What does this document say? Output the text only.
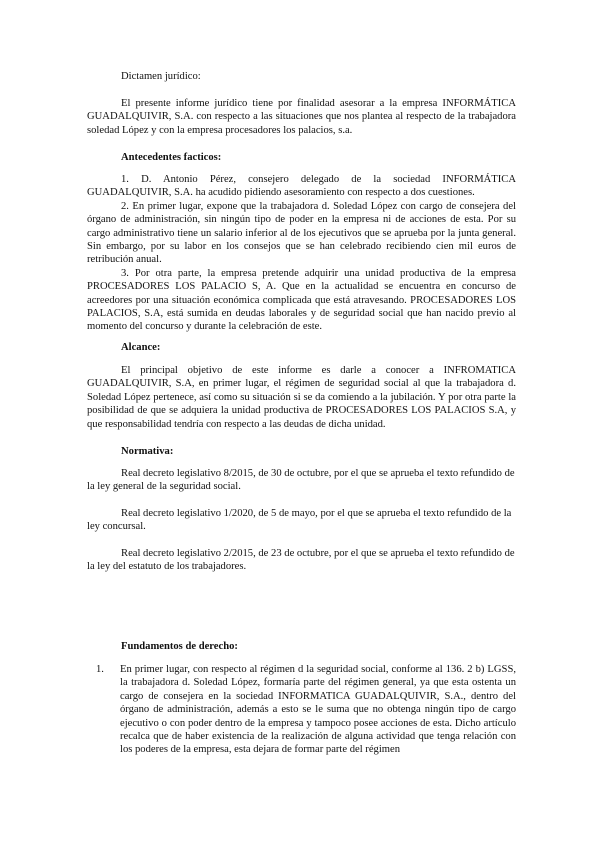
Dictamen jurídico:

El presente informe jurídico tiene por finalidad asesorar a la empresa INFORMÁTICA GUADALQUIVIR, S.A. con respecto a las situaciones que nos plantea al respecto de la trabajadora soledad López y con la empresa procesadores los palacios, s.a.

Antecedentes facticos:

1. D. Antonio Pérez, consejero delegado de la sociedad INFORMÁTICA GUADALQUIVIR, S.A. ha acudido pidiendo asesoramiento con respecto a dos cuestiones.

2. En primer lugar, expone que la trabajadora d. Soledad López con cargo de consejera del órgano de administración, sin ningún tipo de poder en la empresa ni de acciones de esta. Por su cargo administrativo tiene un salario inferior al de los ejecutivos que se aprueba por la junta general. Sin embargo, por su labor en los consejos que se han celebrado recibiendo cien mil euros de retribución anual.

3. Por otra parte, la empresa pretende adquirir una unidad productiva de la empresa PROCESADORES LOS PALACIO S, A. Que en la actualidad se encuentra en concurso de acreedores por una situación económica complicada que está atravesando. PROCESADORES LOS PALACIOS, S.A, está sumida en deudas laborales y de seguridad social que han nacido previo al momento del concurso y durante la celebración de este.

Alcance:

El principal objetivo de este informe es darle a conocer a INFROMATICA GUADALQUIVIR, S.A, en primer lugar, el régimen de seguridad social al que la trabajadora d. Soledad López pertenece, así como su situación si se da comiendo a la jubilación. Y por otra parte la posibilidad de que se adquiera la unidad productiva de PROCESADORES LOS PALACIOS S.A, y que responsabilidad tendría con respecto a las deudas de dicha unidad.

Normativa:

Real decreto legislativo 8/2015, de 30 de octubre, por el que se aprueba el texto refundido de la ley general de la seguridad social.

Real decreto legislativo 1/2020, de 5 de mayo, por el que se aprueba el texto refundido de la ley concursal.

Real decreto legislativo 2/2015, de 23 de octubre, por el que se aprueba el texto refundido de la ley del estatuto de los trabajadores.

Fundamentos de derecho:

1. En primer lugar, con respecto al régimen d la seguridad social, conforme al 136. 2 b) LGSS, la trabajadora d. Soledad López, formaría parte del régimen general, ya que esta ostenta un cargo de consejera en la sociedad INFORMATICA GUADALQUIVIR, S.A., dentro del órgano de administración, además a esto se le suma que no obtenga ningún tipo de cargo ejecutivo o con poder dentro de la empresa y tampoco posee acciones de esta. Dicho artículo recalca que de haber existencia de la realización de alguna actividad que tenga relación con los poderes de la empresa, esta dejara de formar parte del régimen
